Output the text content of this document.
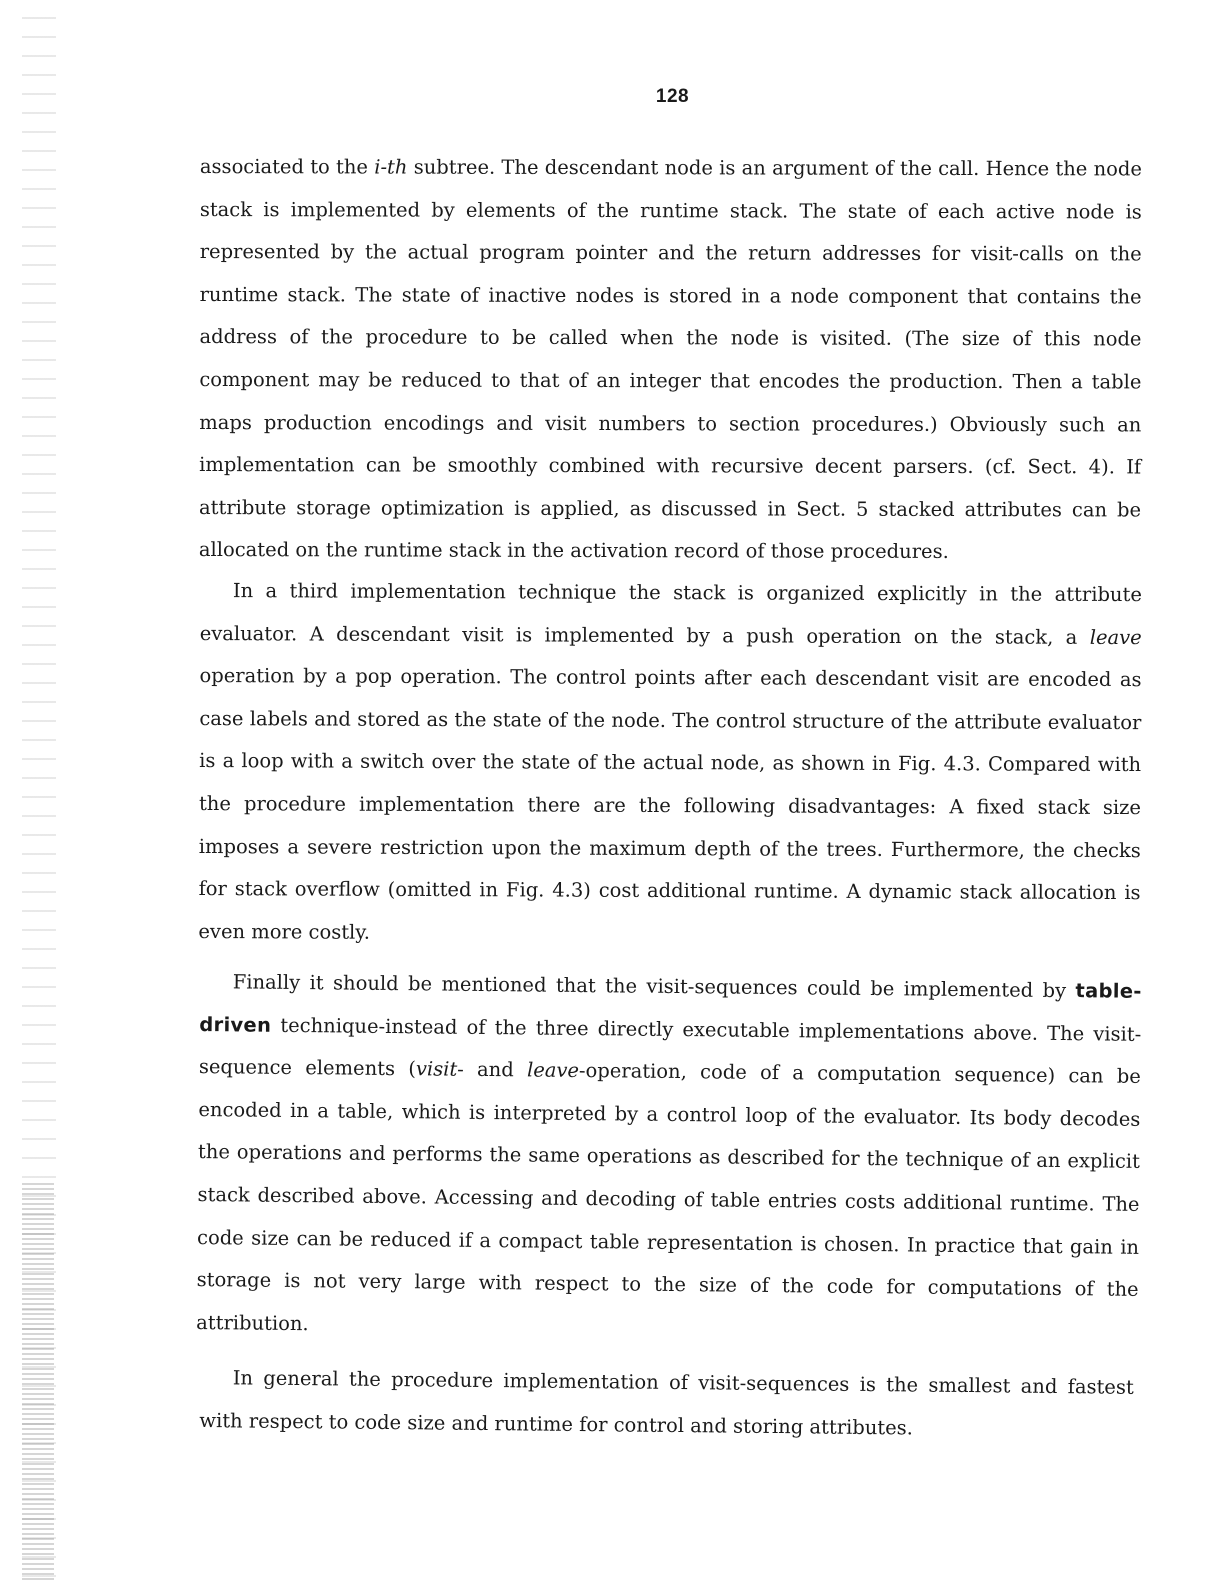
128

associated to the i-th subtree. The descendant node is an argument of the call. Hence the node stack is implemented by elements of the runtime stack. The state of each active node is represented by the actual program pointer and the return addresses for visit-calls on the runtime stack. The state of inactive nodes is stored in a node component that contains the address of the procedure to be called when the node is visited. (The size of this node component may be reduced to that of an integer that encodes the production. Then a table maps production encodings and visit numbers to section procedures.) Obviously such an implementation can be smoothly combined with recursive decent parsers. (cf. Sect. 4). If attribute storage optimization is applied, as discussed in Sect. 5 stacked attributes can be allocated on the runtime stack in the activation record of those procedures.

In a third implementation technique the stack is organized explicitly in the attribute evaluator. A descendant visit is implemented by a push operation on the stack, a leave operation by a pop operation. The control points after each descendant visit are encoded as case labels and stored as the state of the node. The control structure of the attribute evaluator is a loop with a switch over the state of the actual node, as shown in Fig. 4.3. Compared with the procedure implementation there are the following disadvantages: A fixed stack size imposes a severe restriction upon the maximum depth of the trees. Furthermore, the checks for stack overflow (omitted in Fig. 4.3) cost additional runtime. A dynamic stack allocation is even more costly.

Finally it should be mentioned that the visit-sequences could be implemented by table-driven technique-instead of the three directly executable implementations above. The visit-sequence elements (visit- and leave-operation, code of a computation sequence) can be encoded in a table, which is interpreted by a control loop of the evaluator. Its body decodes the operations and performs the same operations as described for the technique of an explicit stack described above. Accessing and decoding of table entries costs additional runtime. The code size can be reduced if a compact table representation is chosen. In practice that gain in storage is not very large with respect to the size of the code for computations of the attribution.

In general the procedure implementation of visit-sequences is the smallest and fastest with respect to code size and runtime for control and storing attributes.
